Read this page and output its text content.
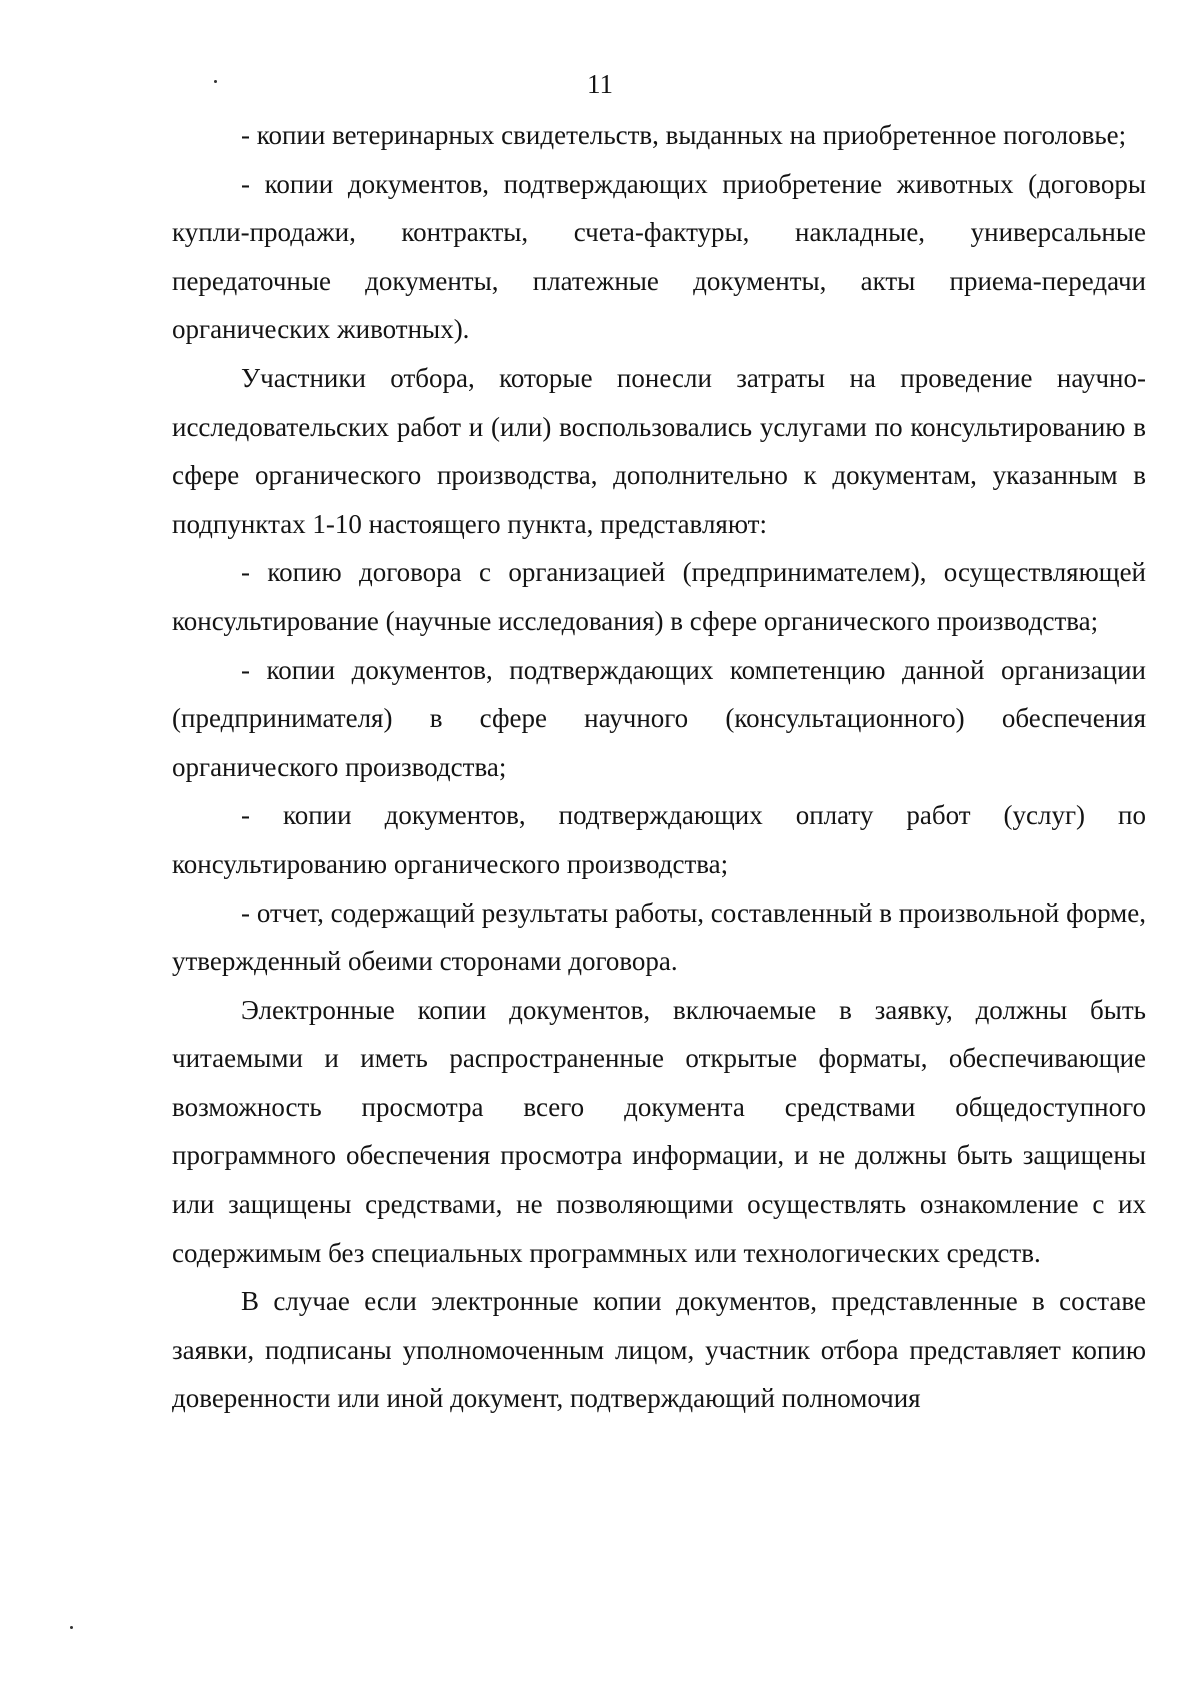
11

- копии ветеринарных свидетельств, выданных на приобретенное поголовье;

- копии документов, подтверждающих приобретение животных (договоры купли-продажи, контракты, счета-фактуры, накладные, универсальные передаточные документы, платежные документы, акты приема-передачи органических животных).

Участники отбора, которые понесли затраты на проведение научно-исследовательских работ и (или) воспользовались услугами по консультированию в сфере органического производства, дополнительно к документам, указанным в подпунктах 1-10 настоящего пункта, представляют:

- копию договора с организацией (предпринимателем), осуществляющей консультирование (научные исследования) в сфере органического производства;

- копии документов, подтверждающих компетенцию данной организации (предпринимателя) в сфере научного (консультационного) обеспечения органического производства;

- копии документов, подтверждающих оплату работ (услуг) по консультированию органического производства;

- отчет, содержащий результаты работы, составленный в произвольной форме, утвержденный обеими сторонами договора.

Электронные копии документов, включаемые в заявку, должны быть читаемыми и иметь распространенные открытые форматы, обеспечивающие возможность просмотра всего документа средствами общедоступного программного обеспечения просмотра информации, и не должны быть защищены или защищены средствами, не позволяющими осуществлять ознакомление с их содержимым без специальных программных или технологических средств.

В случае если электронные копии документов, представленные в составе заявки, подписаны уполномоченным лицом, участник отбора представляет копию доверенности или иной документ, подтверждающий полномочия
